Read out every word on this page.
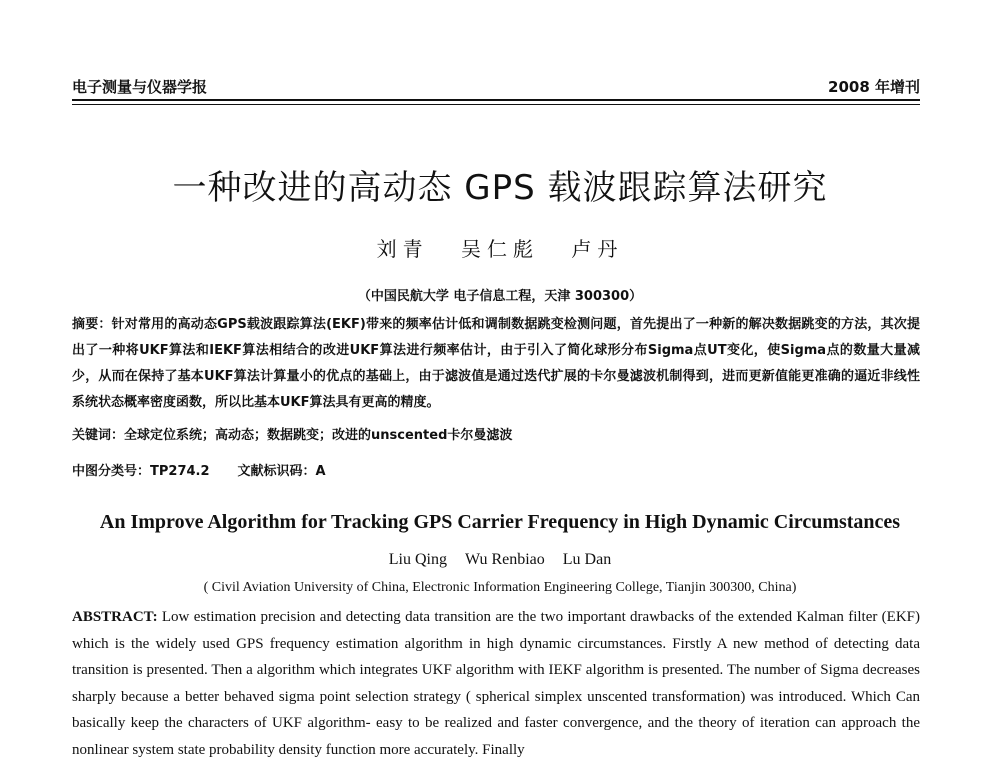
电子测量与仪器学报	2008 年增刊
一种改进的高动态 GPS 载波跟踪算法研究
刘青 吴仁彪 卢丹
（中国民航大学 电子信息工程，天津 300300）
摘要：针对常用的高动态GPS载波跟踪算法(EKF)带来的频率估计低和调制数据跳变检测问题，首先提出了一种新的解决数据跳变的方法，其次提出了一种将UKF算法和IEKF算法相结合的改进UKF算法进行频率估计，由于引入了简化球形分布Sigma点UT变化，使Sigma点的数量大量减少，从而在保持了基本UKF算法计算量小的优点的基础上，由于滤波值是通过迭代扩展的卡尔曼滤波机制得到，进而更新值能更准确的逼近非线性系统状态概率密度函数，所以比基本UKF算法具有更高的精度。
关键词：全球定位系统；高动态；数据跳变；改进的unscented卡尔曼滤波
中图分类号：TP274.2 文献标识码：A
An Improve Algorithm for Tracking GPS Carrier Frequency in High Dynamic Circumstances
Liu Qing Wu Renbiao Lu Dan
( Civil Aviation University of China, Electronic Information Engineering College, Tianjin 300300, China)
ABSTRACT: Low estimation precision and detecting data transition are the two important drawbacks of the extended Kalman filter (EKF) which is the widely used GPS frequency estimation algorithm in high dynamic circumstances. Firstly A new method of detecting data transition is presented. Then a algorithm which integrates UKF algorithm with IEKF algorithm is presented. The number of Sigma decreases sharply because a better behaved sigma point selection strategy ( spherical simplex unscented transformation) was introduced. Which Can basically keep the characters of UKF algorithm- easy to be realized and faster convergence, and the theory of iteration can approach the nonlinear system state probability density function more accurately. Finally
